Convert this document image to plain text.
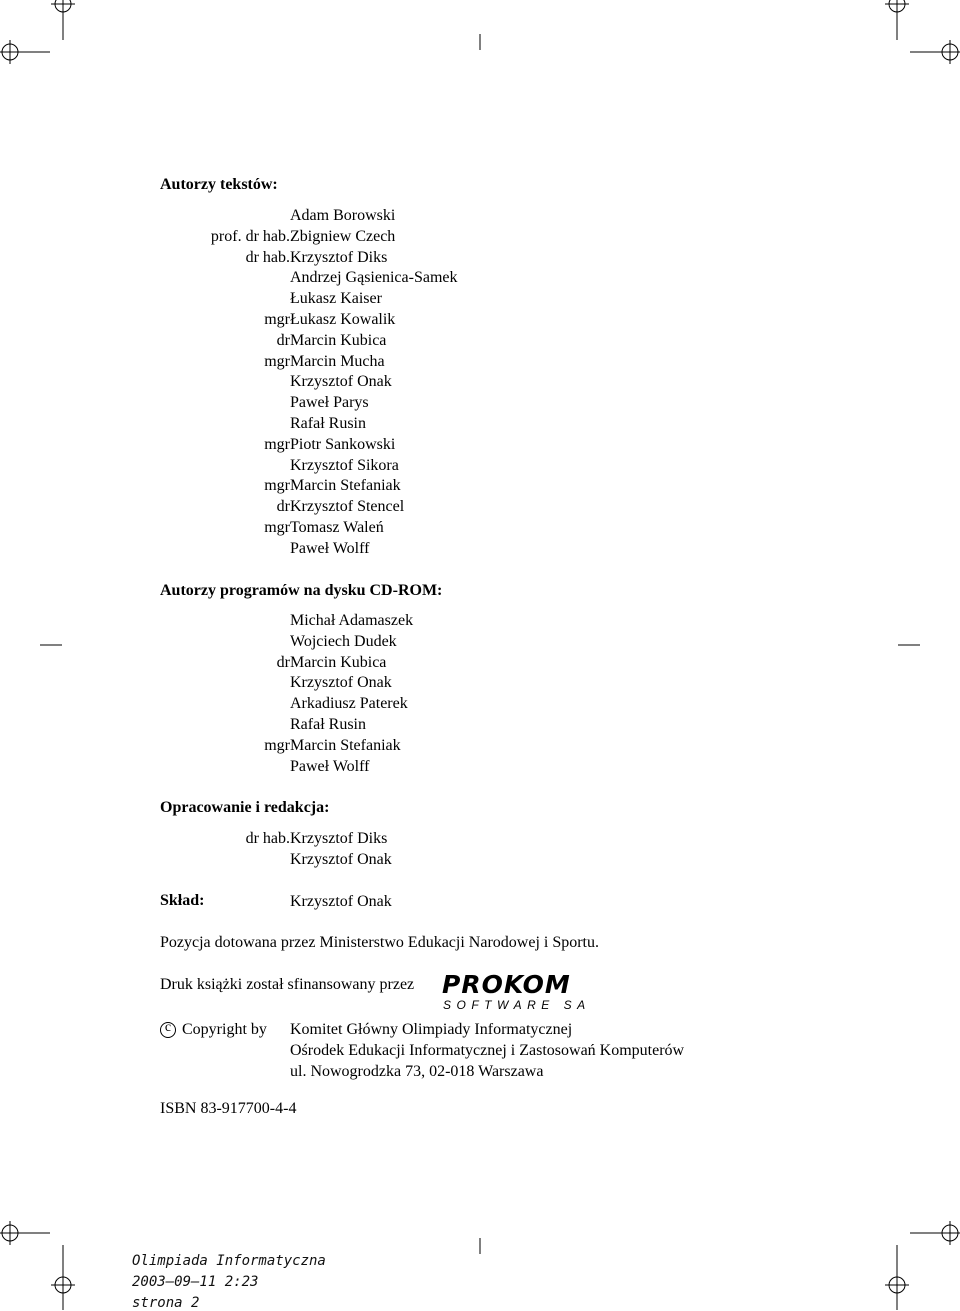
Autorzy tekstów:
Adam Borowski
prof. dr hab. Zbigniew Czech
dr hab. Krzysztof Diks
Andrzej Gąsienica-Samek
Łukasz Kaiser
mgr Łukasz Kowalik
dr Marcin Kubica
mgr Marcin Mucha
Krzysztof Onak
Paweł Parys
Rafał Rusin
mgr Piotr Sankowski
Krzysztof Sikora
mgr Marcin Stefaniak
dr Krzysztof Stencel
mgr Tomasz Waleń
Paweł Wolff
Autorzy programów na dysku CD-ROM:
Michał Adamaszek
Wojciech Dudek
dr Marcin Kubica
Krzysztof Onak
Arkadiusz Paterek
Rafał Rusin
mgr Marcin Stefaniak
Paweł Wolff
Opracowanie i redakcja:
dr hab. Krzysztof Diks
Krzysztof Onak
Skład:	Krzysztof Onak
Pozycja dotowana przez Ministerstwo Edukacji Narodowej i Sportu.
Druk książki został sfinansowany przez PROKOM
SOFTWARE SA
c Copyright by Komitet Główny Olimpiady Informatycznej
Ośrodek Edukacji Informatycznej i Zastosowań Komputerów
ul. Nowogrodzka 73, 02-018 Warszawa
ISBN 83-917700-4-4
Olimpiada Informatyczna
2003–09–11 2:23
strona 2
